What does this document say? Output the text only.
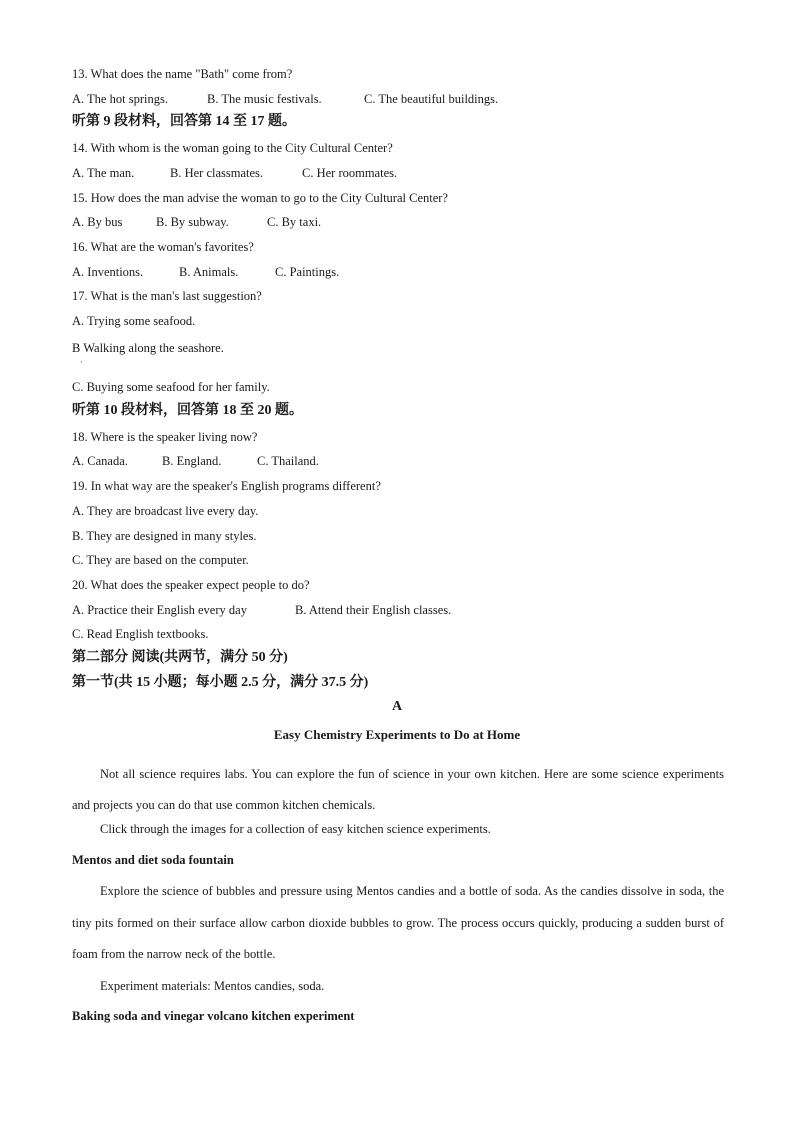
13. What does the name "Bath" come from?
A. The hot springs.	B. The music festivals.	C. The beautiful buildings.
听第 9 段材料，回答第 14 至 17 题。
14. With whom is the woman going to the City Cultural Center?
A. The man.	B. Her classmates.	C. Her roommates.
15. How does the man advise the woman to go to the City Cultural Center?
A. By bus	B. By subway.	C. By taxi.
16. What are the woman's favorites?
A. Inventions.	B. Animals.	C. Paintings.
17. What is the man's last suggestion?
A. Trying some seafood.
B Walking along the seashore.
·
C. Buying some seafood for her family.
听第 10 段材料，回答第 18 至 20 题。
18. Where is the speaker living now?
A. Canada.	B. England.	C. Thailand.
19. In what way are the speaker's English programs different?
A. They are broadcast live every day.
B. They are designed in many styles.
C. They are based on the computer.
20. What does the speaker expect people to do?
A. Practice their English every day	B. Attend their English classes.
C. Read English textbooks.
第二部分 阅读(共两节，满分 50 分)
第一节(共 15 小题；每小题 2.5 分，满分 37.5 分)
A
Easy Chemistry Experiments to Do at Home
Not all science requires labs. You can explore the fun of science in your own kitchen. Here are some science experiments and projects you can do that use common kitchen chemicals.
Click through the images for a collection of easy kitchen science experiments.
Mentos and diet soda fountain
Explore the science of bubbles and pressure using Mentos candies and a bottle of soda. As the candies dissolve in soda, the tiny pits formed on their surface allow carbon dioxide bubbles to grow. The process occurs quickly, producing a sudden burst of foam from the narrow neck of the bottle.
Experiment materials: Mentos candies, soda.
Baking soda and vinegar volcano kitchen experiment
